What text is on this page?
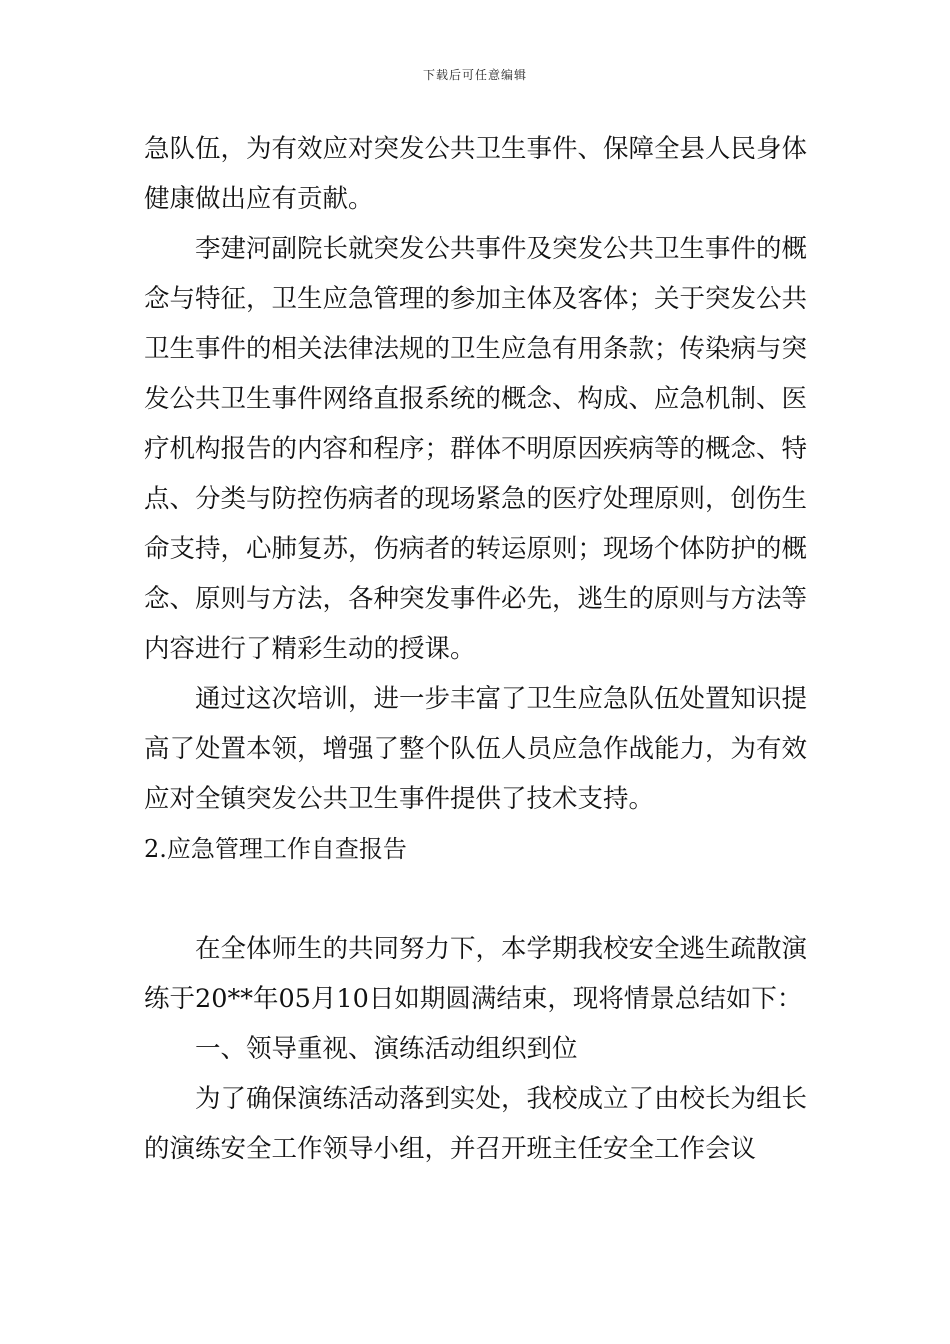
下载后可任意编辑

急队伍，为有效应对突发公共卫生事件、保障全县人民身体健康做出应有贡献。

李建河副院长就突发公共事件及突发公共卫生事件的概念与特征，卫生应急管理的参加主体及客体；关于突发公共卫生事件的相关法律法规的卫生应急有用条款；传染病与突发公共卫生事件网络直报系统的概念、构成、应急机制、医疗机构报告的内容和程序；群体不明原因疾病等的概念、特点、分类与防控伤病者的现场紧急的医疗处理原则，创伤生命支持，心肺复苏，伤病者的转运原则；现场个体防护的概念、原则与方法，各种突发事件必先，逃生的原则与方法等内容进行了精彩生动的授课。

通过这次培训，进一步丰富了卫生应急队伍处置知识提高了处置本领，增强了整个队伍人员应急作战能力，为有效应对全镇突发公共卫生事件提供了技术支持。

2.应急管理工作自查报告

在全体师生的共同努力下，本学期我校安全逃生疏散演练于20**年05月10日如期圆满结束，现将情景总结如下：

一、领导重视、演练活动组织到位

为了确保演练活动落到实处，我校成立了由校长为组长的演练安全工作领导小组，并召开班主任安全工作会议
